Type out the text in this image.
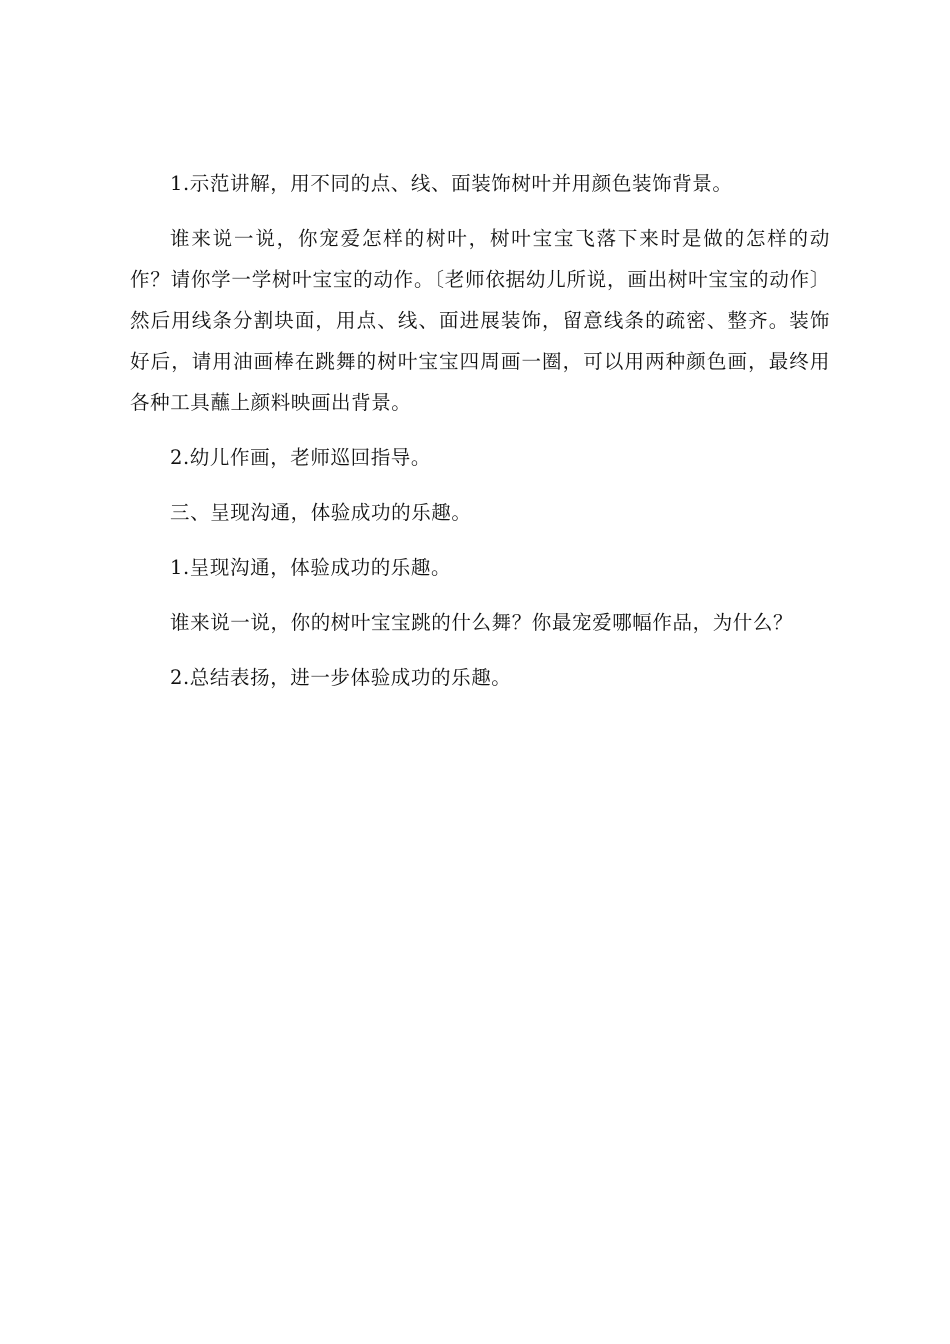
1.示范讲解，用不同的点、线、面装饰树叶并用颜色装饰背景。

谁来说一说，你宠爱怎样的树叶，树叶宝宝飞落下来时是做的怎样的动作？请你学一学树叶宝宝的动作。〔老师依据幼儿所说，画出树叶宝宝的动作〕然后用线条分割块面，用点、线、面进展装饰，留意线条的疏密、整齐。装饰好后，请用油画棒在跳舞的树叶宝宝四周画一圈，可以用两种颜色画，最终用各种工具蘸上颜料映画出背景。

2.幼儿作画，老师巡回指导。

三、呈现沟通，体验成功的乐趣。

1.呈现沟通，体验成功的乐趣。

谁来说一说，你的树叶宝宝跳的什么舞？你最宠爱哪幅作品，为什么？

2.总结表扬，进一步体验成功的乐趣。
